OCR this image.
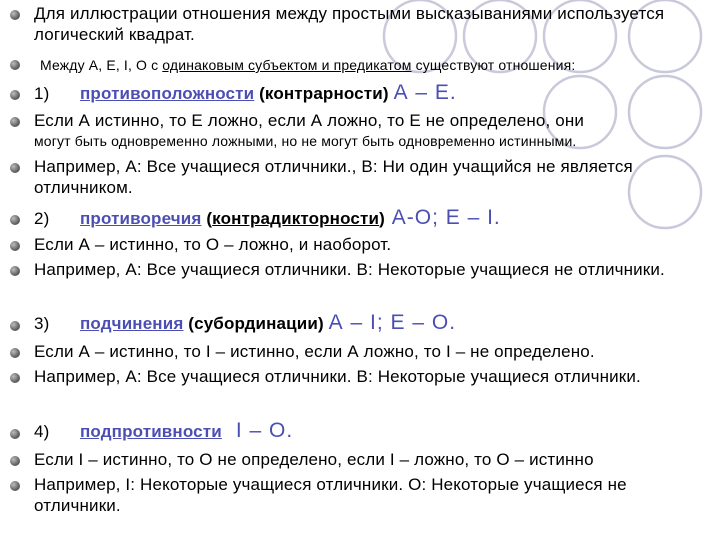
Для иллюстрации отношения между простыми высказываниями используется логический квадрат.
Между А, Е, I, О с одинаковым субъектом и предикатом существуют отношения:
1) противоположности (контрарности) А – Е.
Если А истинно, то Е ложно, если А ложно, то Е не определено, они
могут быть одновременно ложными, но не могут быть одновременно истинными.
Например, А: Все учащиеся отличники., В: Ни один учащийся не является отличником.
2) противоречия (контрадикторности) А-О; Е – I.
Если А – истинно, то О – ложно, и наоборот.
Например, А: Все учащиеся отличники. В: Некоторые учащиеся не отличники.
3) подчинения (субординации) А – I; Е – О.
Если А – истинно, то I – истинно, если А ложно, то I – не определено.
Например, А: Все учащиеся отличники. В: Некоторые учащиеся отличники.
4) подпротивности I – О.
Если I – истинно, то О не определено, если I – ложно, то О – истинно
Например, I: Некоторые учащиеся отличники. О: Некоторые учащиеся не отличники.
